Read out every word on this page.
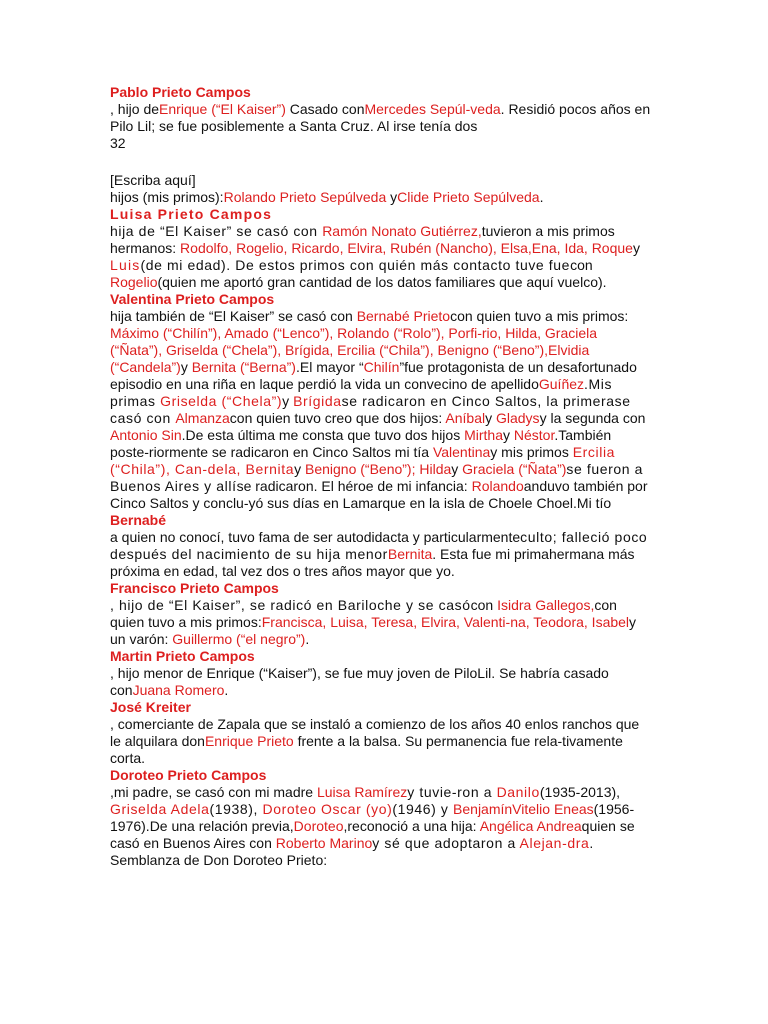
Pablo Prieto Campos
, hijo deEnrique (“El Kaiser”) Casado conMercedes Sepúl-veda. Residió pocos años en Pilo Lil; se fue posiblemente a Santa Cruz. Al irse tenía dos
32
[Escriba aquí]
hijos (mis primos):Rolando Prieto Sepúlveda yClide Prieto Sepúlveda.
Luisa Prieto Campos
hija de “El Kaiser” se casó con Ramón Nonato Gutiérrez,tuvieron a mis primos hermanos: Rodolfo, Rogelio, Ricardo, Elvira, Rubén (Nancho), Elsa,Ena, Ida, Roquey Luis(de mi edad). De estos primos con quién más contacto tuve fuecon Rogelio(quien me aportó gran cantidad de los datos familiares que aquí vuelco).
Valentina Prieto Campos
hija también de “El Kaiser” se casó con Bernabé Prietocon quien tuvo a mis primos: Máximo (“Chilín”), Amado (“Lenco”), Rolando (“Rolo”), Porfi-rio, Hilda, Graciela (“Ñata”), Griselda (“Chela”), Brígida, Ercilia (“Chila”), Benigno (“Beno”),Elvidia (“Candela”)y Bernita (“Berna”).El mayor “Chilín”fue protagonista de un desafortunado episodio en una riña en laque perdió la vida un convecino de apellidoGuíñez.Mis primas Griselda (“Chela”)y Brígidase radicaron en Cinco Saltos, la primerase casó con Almanzacon quien tuvo creo que dos hijos: Aníbaly Gladysy la segunda con Antonio Sin.De esta última me consta que tuvo dos hijos Mirthay Néstor.También poste-riormente se radicaron en Cinco Saltos mi tía Valentinay mis primos Ercilia (“Chila”), Can-dela, Bernitay Benigno (“Beno”); Hilday Graciela (“Ñata”)se fueron a Buenos Aires y allíse radicaron. El héroe de mi infancia: Rolandoanduvo también por Cinco Saltos y conclu-yó sus días en Lamarque en la isla de Choele Choel.Mi tío
Bernabé
a quien no conocí, tuvo fama de ser autodidacta y particularmenteculto; falleció poco después del nacimiento de su hija menorBernita. Esta fue mi primahermana más próxima en edad, tal vez dos o tres años mayor que yo.
Francisco Prieto Campos
, hijo de “El Kaiser”, se radicó en Bariloche y se casócon Isidra Gallegos,con quien tuvo a mis primos:Francisca, Luisa, Teresa, Elvira, Valenti-na, Teodora, Isabely un varón: Guillermo (“el negro”).
Martin Prieto Campos
, hijo menor de Enrique (“Kaiser”), se fue muy joven de PiloLil. Se habría casado conJuana Romero.
José Kreiter
, comerciante de Zapala que se instaló a comienzo de los años 40 enlos ranchos que le alquilara donEnrique Prieto frente a la balsa. Su permanencia fue rela-tivamente corta.
Doroteo Prieto Campos
,mi padre, se casó con mi madre Luisa Ramírezy tuvie-ron a Danilo(1935-2013), Griselda Adela(1938), Doroteo Oscar (yo)(1946) y BenjamínVitelio Eneas(1956-1976).De una relación previa,Doroteo,reconoció a una hija: Angélica Andreaquien se casó en Buenos Aires con Roberto Marinoy sé que adoptaron a Alejan-dra.
Semblanza de Don Doroteo Prieto:
